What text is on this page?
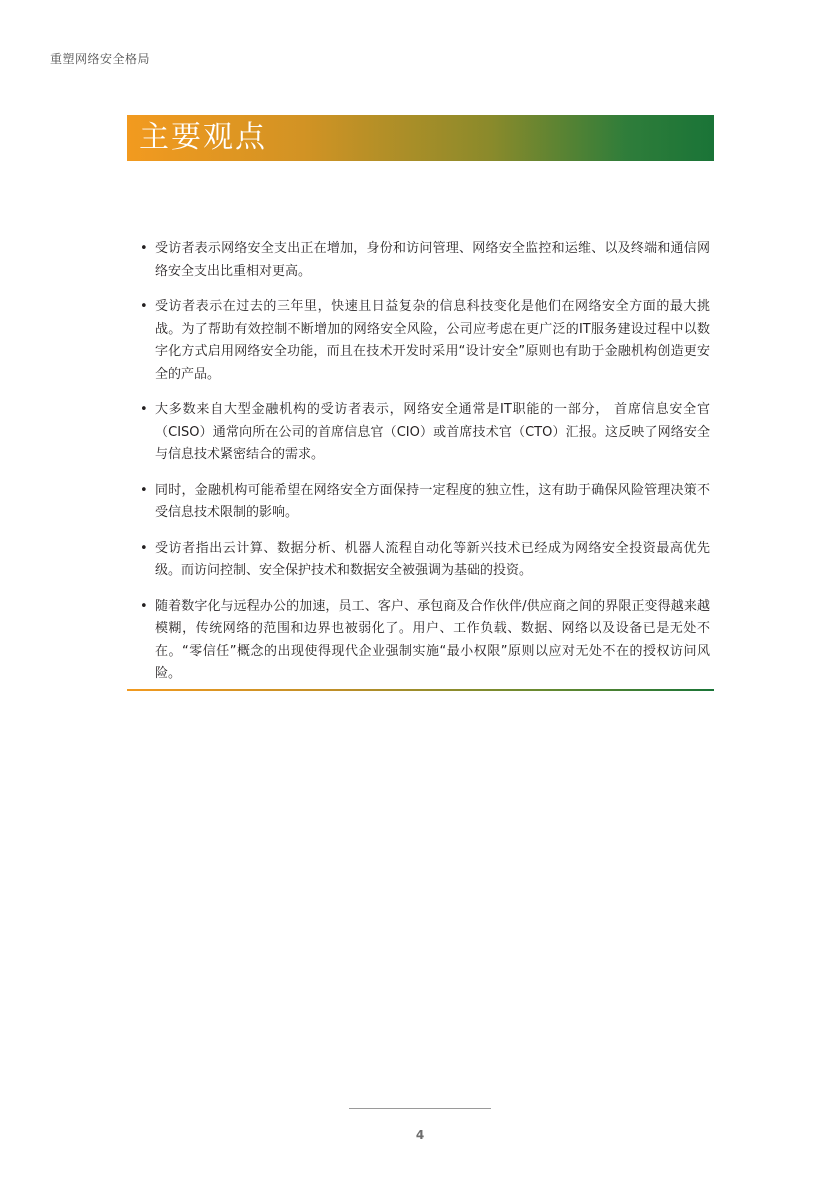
重塑网络安全格局
主要观点
• 受访者表示网络安全支出正在增加，身份和访问管理、网络安全监控和运维、以及终端和通信网络安全支出比重相对更高。
• 受访者表示在过去的三年里，快速且日益复杂的信息科技变化是他们在网络安全方面的最大挑战。为了帮助有效控制不断增加的网络安全风险，公司应考虑在更广泛的IT服务建设过程中以数字化方式启用网络安全功能，而且在技术开发时采用“设计安全”原则也有助于金融机构创造更安全的产品。
• 大多数来自大型金融机构的受访者表示，网络安全通常是IT职能的一部分， 首席信息安全官（CISO）通常向所在公司的首席信息官（CIO）或首席技术官（CTO）汇报。这反映了网络安全与信息技术紧密结合的需求。
• 同时，金融机构可能希望在网络安全方面保持一定程度的独立性，这有助于确保风险管理决策不受信息技术限制的影响。
• 受访者指出云计算、数据分析、机器人流程自动化等新兴技术已经成为网络安全投资最高优先级。而访问控制、安全保护技术和数据安全被强调为基础的投资。
• 随着数字化与远程办公的加速，员工、客户、承包商及合作伙伴/供应商之间的界限正变得越来越模糊，传统网络的范围和边界也被弱化了。用户、工作负载、数据、网络以及设备已是无处不在。“零信任”概念的出现使得现代企业强制实施“最小权限”原则以应对无处不在的授权访问风险。
4
